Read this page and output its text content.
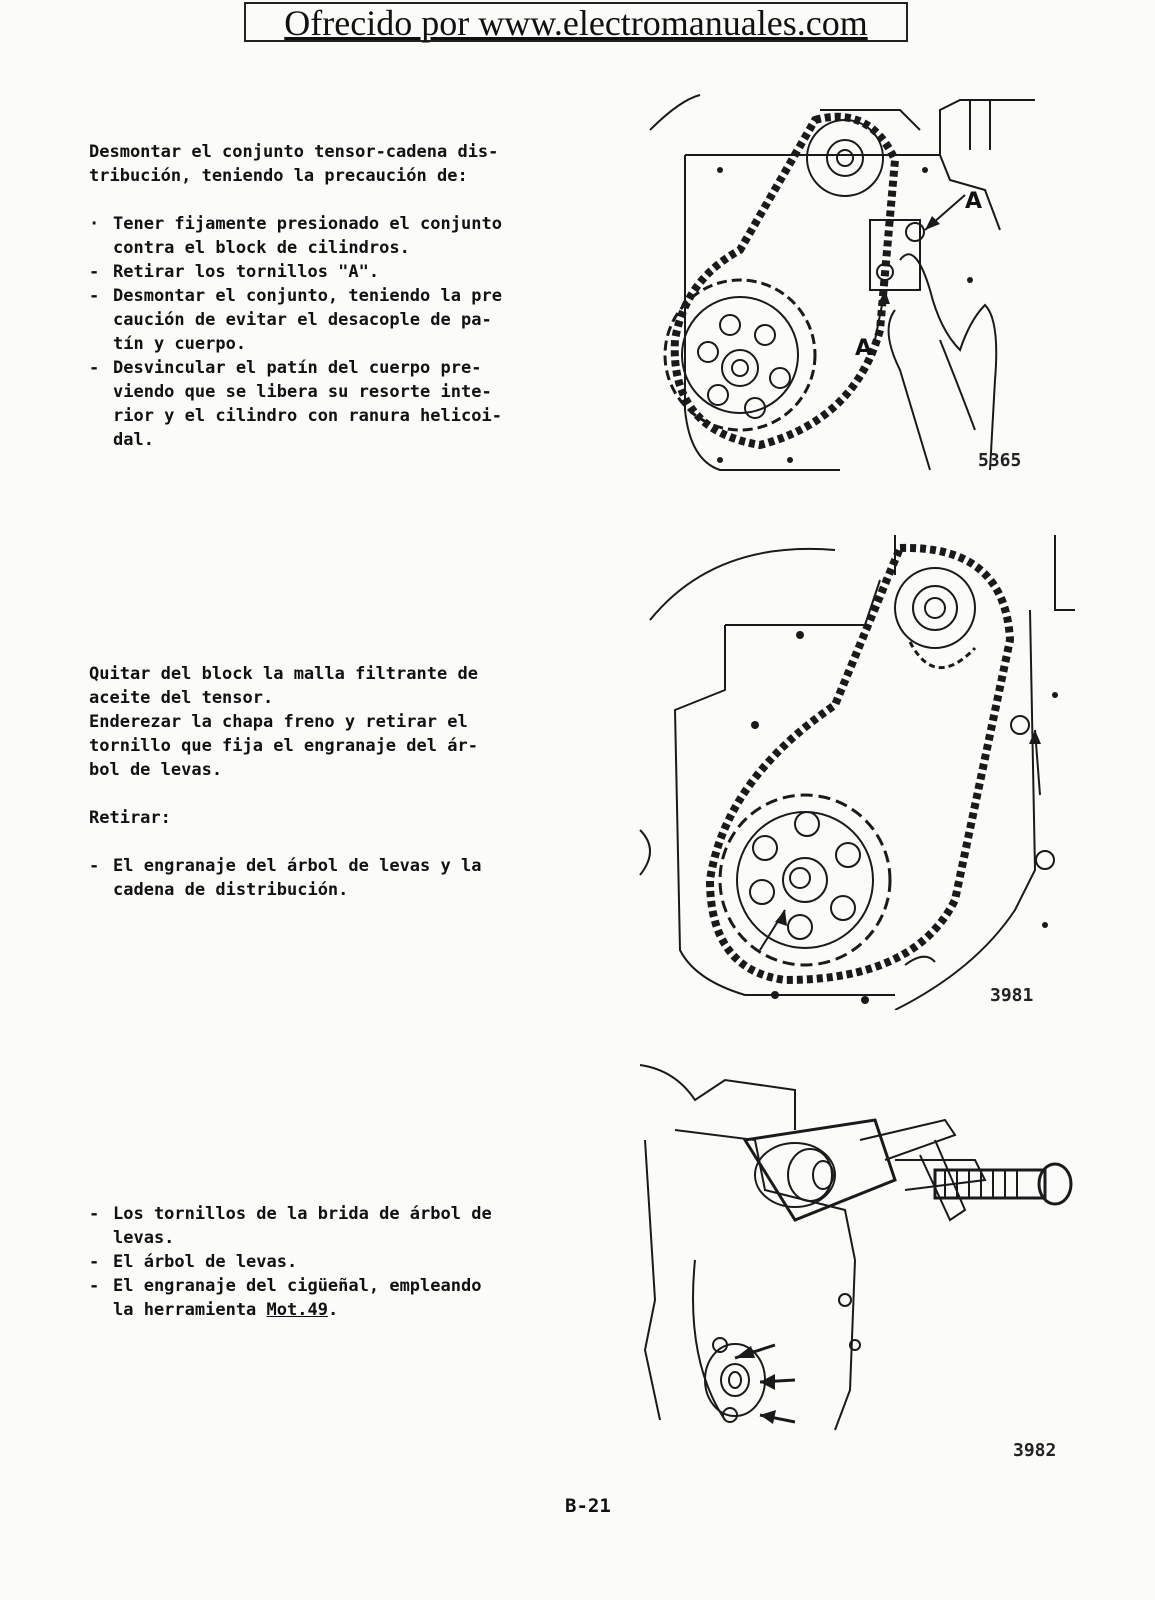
Ofrecido por www.electromanuales.com

Desmontar el conjunto tensor-cadena dis-

tribución, teniendo la precaución de:

· Tener fijamente presionado el conjunto

contra el block de cilindros.

- Retirar los tornillos "A".

- Desmontar el conjunto, teniendo la pre

caución de evitar el desacople de pa-

tín y cuerpo.

- Desvincular el patín del cuerpo pre-

viendo que se libera su resorte inte-

rior y el cilindro con ranura helicoi-

dal.

Quitar del block la malla filtrante de

aceite del tensor.

Enderezar la chapa freno y retirar el

tornillo que fija el engranaje del ár-

bol de levas.

Retirar:

- El engranaje del árbol de levas y la

cadena de distribución.

- Los tornillos de la brida de árbol de

levas.

- El árbol de levas.

- El engranaje del cigüeñal, empleando

la herramienta Mot.49.

A
A
5365
3981
3982
B-21
